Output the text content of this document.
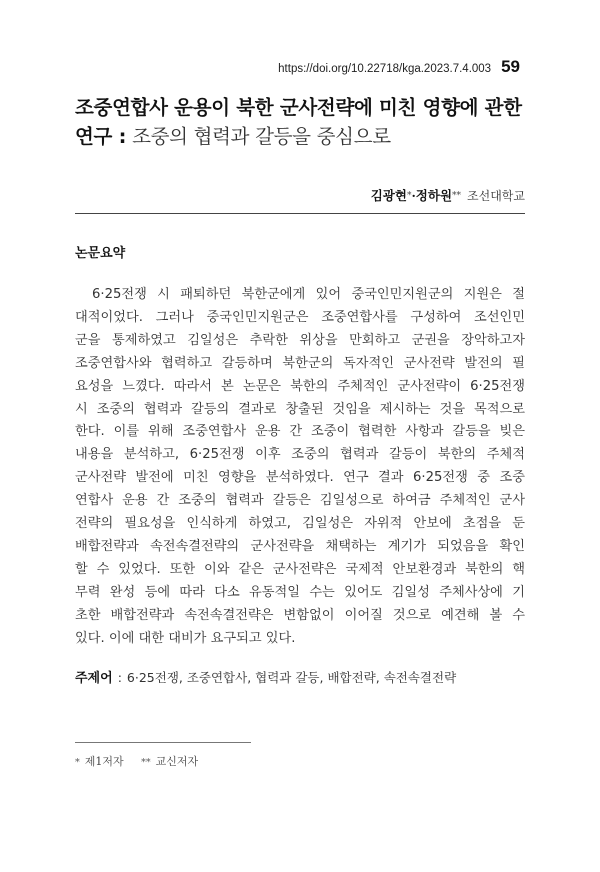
https://doi.org/10.22718/kga.2023.7.4.003 59
조중연합사 운용이 북한 군사전략에 미친 영향에 관한
연구 : 조중의 협력과 갈등을 중심으로
김광현*·정하원** 조선대학교
논문요약
6·25전쟁 시 패퇴하던 북한군에게 있어 중국인민지원군의 지원은 절
대적이었다. 그러나 중국인민지원군은 조중연합사를 구성하여 조선인민
군을 통제하였고 김일성은 추락한 위상을 만회하고 군권을 장악하고자
조중연합사와 협력하고 갈등하며 북한군의 독자적인 군사전략 발전의 필
요성을 느꼈다. 따라서 본 논문은 북한의 주체적인 군사전략이 6·25전쟁
시 조중의 협력과 갈등의 결과로 창출된 것임을 제시하는 것을 목적으로
한다. 이를 위해 조중연합사 운용 간 조중이 협력한 사항과 갈등을 빚은
내용을 분석하고, 6·25전쟁 이후 조중의 협력과 갈등이 북한의 주체적
군사전략 발전에 미친 영향을 분석하였다. 연구 결과 6·25전쟁 중 조중
연합사 운용 간 조중의 협력과 갈등은 김일성으로 하여금 주체적인 군사
전략의 필요성을 인식하게 하였고, 김일성은 자위적 안보에 초점을 둔
배합전략과 속전속결전략의 군사전략을 채택하는 계기가 되었음을 확인
할 수 있었다. 또한 이와 같은 군사전략은 국제적 안보환경과 북한의 핵
무력 완성 등에 따라 다소 유동적일 수는 있어도 김일성 주체사상에 기
초한 배합전략과 속전속결전략은 변함없이 이어질 것으로 예견해 볼 수
있다. 이에 대한 대비가 요구되고 있다.
주제어 : 6·25전쟁, 조중연합사, 협력과 갈등, 배합전략, 속전속결전략
* 제1저자 ** 교신저자
